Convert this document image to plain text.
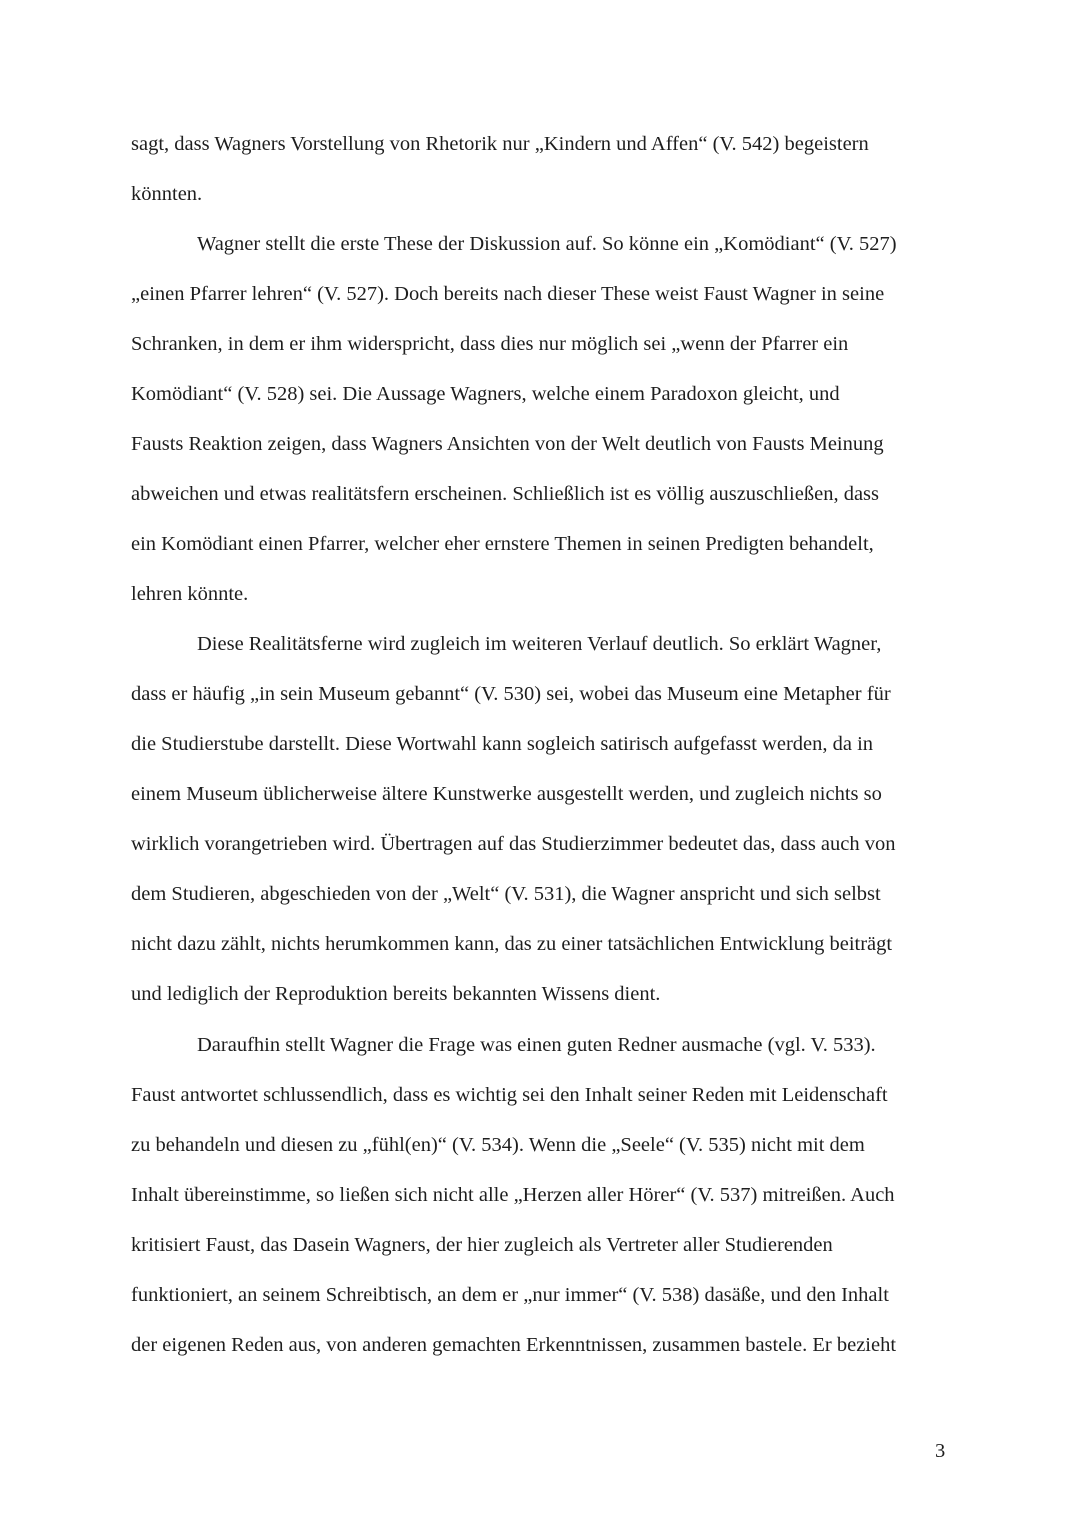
sagt, dass Wagners Vorstellung von Rhetorik nur „Kindern und Affen“ (V. 542) begeistern

könnten.

Wagner stellt die erste These der Diskussion auf. So könne ein „Komödiant“ (V. 527)

„einen Pfarrer lehren“ (V. 527). Doch bereits nach dieser These weist Faust Wagner in seine

Schranken, in dem er ihm widerspricht, dass dies nur möglich sei „wenn der Pfarrer ein

Komödiant“ (V. 528) sei. Die Aussage Wagners, welche einem Paradoxon gleicht, und

Fausts Reaktion zeigen, dass Wagners Ansichten von der Welt deutlich von Fausts Meinung

abweichen und etwas realitätsfern erscheinen. Schließlich ist es völlig auszuschließen, dass

ein Komödiant einen Pfarrer, welcher eher ernstere Themen in seinen Predigten behandelt,

lehren könnte.

Diese Realitätsferne wird zugleich im weiteren Verlauf deutlich. So erklärt Wagner,

dass er häufig „in sein Museum gebannt“ (V. 530) sei, wobei das Museum eine Metapher für

die Studierstube darstellt. Diese Wortwahl kann sogleich satirisch aufgefasst werden, da in

einem Museum üblicherweise ältere Kunstwerke ausgestellt werden, und zugleich nichts so

wirklich vorangetrieben wird. Übertragen auf das Studierzimmer bedeutet das, dass auch von

dem Studieren, abgeschieden von der „Welt“ (V. 531), die Wagner anspricht und sich selbst

nicht dazu zählt, nichts herumkommen kann, das zu einer tatsächlichen Entwicklung beiträgt

und lediglich der Reproduktion bereits bekannten Wissens dient.

Daraufhin stellt Wagner die Frage was einen guten Redner ausmache (vgl. V. 533).

Faust antwortet schlussendlich, dass es wichtig sei den Inhalt seiner Reden mit Leidenschaft

zu behandeln und diesen zu „fühl(en)“ (V. 534). Wenn die „Seele“ (V. 535) nicht mit dem

Inhalt übereinstimme, so ließen sich nicht alle „Herzen aller Hörer“ (V. 537) mitreißen. Auch

kritisiert Faust, das Dasein Wagners, der hier zugleich als Vertreter aller Studierenden

funktioniert, an seinem Schreibtisch, an dem er „nur immer“ (V. 538) dasäße, und den Inhalt

der eigenen Reden aus, von anderen gemachten Erkenntnissen, zusammen bastele. Er bezieht

3
